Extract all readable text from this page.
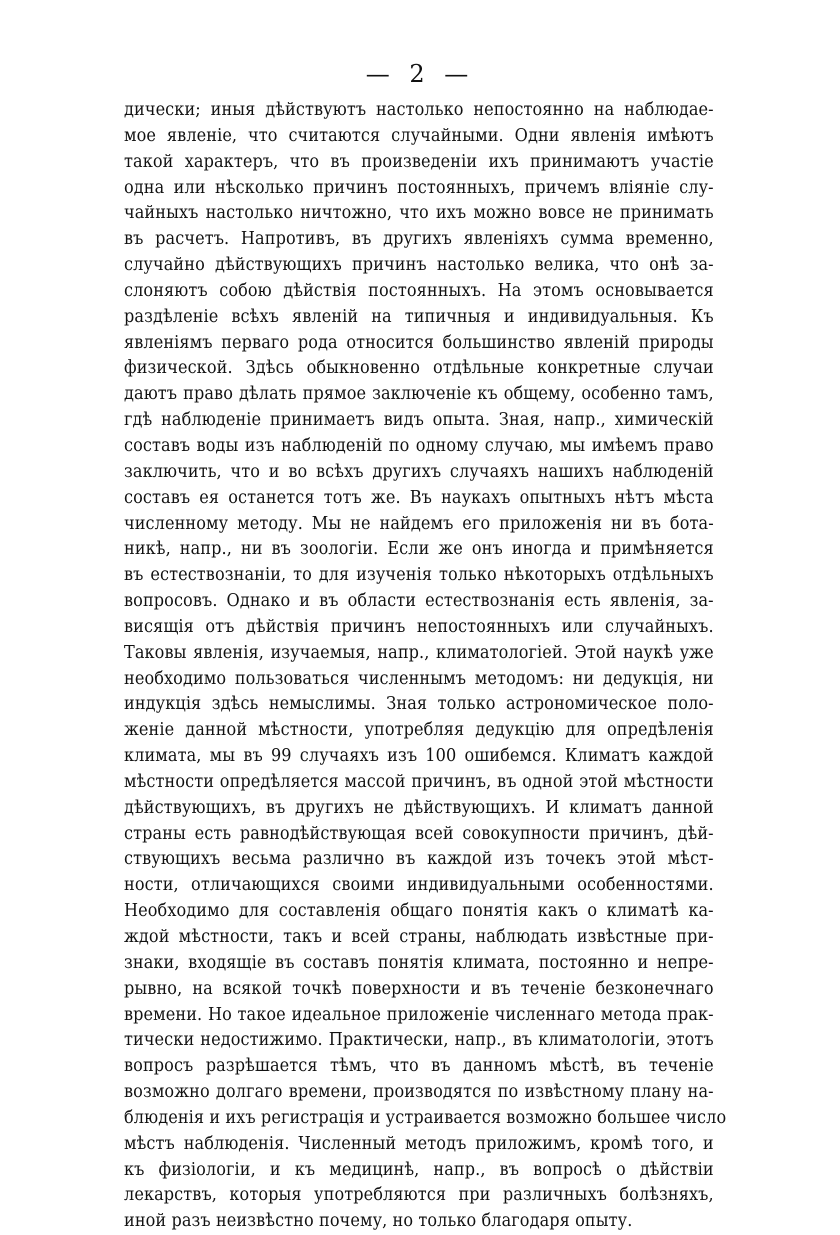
— 2 —
дически; иныя дѣйствуютъ настолько непостоянно на наблюдае-
мое явленіе, что считаются случайными. Одни явленія имѣютъ
такой характеръ, что въ произведеніи ихъ принимаютъ участіе
одна или нѣсколько причинъ постоянныхъ, причемъ вліяніе слу-
чайныхъ настолько ничтожно, что ихъ можно вовсе не принимать
въ расчетъ. Напротивъ, въ другихъ явленіяхъ сумма временно,
случайно дѣйствующихъ причинъ настолько велика, что онѣ за-
слоняютъ собою дѣйствія постоянныхъ. На этомъ основывается
раздѣленіе всѣхъ явленій на типичныя и индивидуальныя. Къ
явленіямъ перваго рода относится большинство явленій природы
физической. Здѣсь обыкновенно отдѣльные конкретные случаи
даютъ право дѣлать прямое заключеніе къ общему, особенно тамъ,
гдѣ наблюденіе принимаетъ видъ опыта. Зная, напр., химическій
составъ воды изъ наблюденій по одному случаю, мы имѣемъ право
заключить, что и во всѣхъ другихъ случаяхъ нашихъ наблюденій
составъ ея останется тотъ же. Въ наукахъ опытныхъ нѣтъ мѣста
численному методу. Мы не найдемъ его приложенія ни въ бота-
никѣ, напр., ни въ зоологіи. Если же онъ иногда и примѣняется
въ естествознаніи, то для изученія только нѣкоторыхъ отдѣльныхъ
вопросовъ. Однако и въ области естествознанія есть явленія, за-
висящія отъ дѣйствія причинъ непостоянныхъ или случайныхъ.
Таковы явленія, изучаемыя, напр., климатологіей. Этой наукѣ уже
необходимо пользоваться численнымъ методомъ: ни дедукція, ни
индукція здѣсь немыслимы. Зная только астрономическое поло-
женіе данной мѣстности, употребляя дедукцію для опредѣленія
климата, мы въ 99 случаяхъ изъ 100 ошибемся. Климатъ каждой
мѣстности опредѣляется массой причинъ, въ одной этой мѣстности
дѣйствующихъ, въ другихъ не дѣйствующихъ. И климатъ данной
страны есть равнодѣйствующая всей совокупности причинъ, дѣй-
ствующихъ весьма различно въ каждой изъ точекъ этой мѣст-
ности, отличающихся своими индивидуальными особенностями.
Необходимо для составленія общаго понятія какъ о климатѣ ка-
ждой мѣстности, такъ и всей страны, наблюдать извѣстные при-
знаки, входящіе въ составъ понятія климата, постоянно и непре-
рывно, на всякой точкѣ поверхности и въ теченіе безконечнаго
времени. Но такое идеальное приложеніе численнаго метода прак-
тически недостижимо. Практически, напр., въ климатологіи, этотъ
вопросъ разрѣшается тѣмъ, что въ данномъ мѣстѣ, въ теченіе
возможно долгаго времени, производятся по извѣстному плану на-
блюденія и ихъ регистрація и устраивается возможно большее число
мѣстъ наблюденія. Численный методъ приложимъ, кромѣ того, и
къ физіологіи, и къ медицинѣ, напр., въ вопросѣ о дѣйствіи
лекарствъ, которыя употребляются при различныхъ болѣзняхъ,
иной разъ неизвѣстно почему, но только благодаря опыту.
